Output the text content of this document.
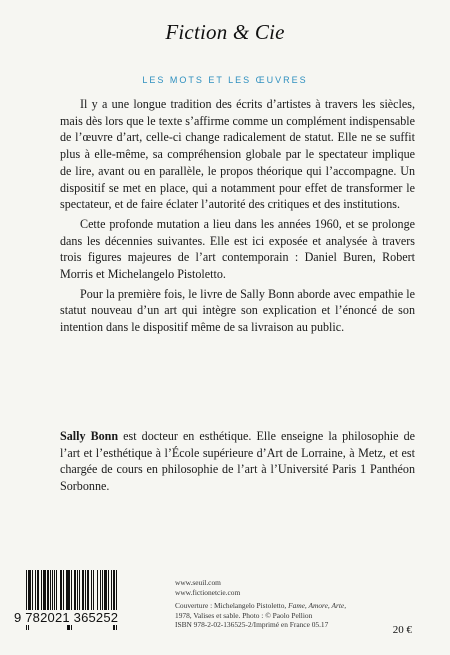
Fiction & Cie
LES MOTS ET LES ŒUVRES

Il y a une longue tradition des écrits d’artistes à travers les siècles, mais dès lors que le texte s’affirme comme un complément indispensable de l’œuvre d’art, celle-ci change radicalement de statut. Elle ne se suffit plus à elle-même, sa compréhension globale par le spectateur implique de lire, avant ou en parallèle, le propos théorique qui l’accompagne. Un dispositif se met en place, qui a notamment pour effet de transformer le spectateur, et de faire éclater l’autorité des critiques et des institutions.

Cette profonde mutation a lieu dans les années 1960, et se prolonge dans les décennies suivantes. Elle est ici exposée et analysée à travers trois figures majeures de l’art contemporain : Daniel Buren, Robert Morris et Michelangelo Pistoletto.

Pour la première fois, le livre de Sally Bonn aborde avec empathie le statut nouveau d’un art qui intègre son explication et l’énoncé de son intention dans le dispositif même de sa livraison au public.

Sally Bonn est docteur en esthétique. Elle enseigne la philosophie de l’art et l’esthétique à l’École supérieure d’Art de Lorraine, à Metz, et est chargée de cours en philosophie de l’art à l’Université Paris 1 Panthéon Sorbonne.
9 782021 365252
www.seuil.com
www.fictionetcie.com
Couverture : Michelangelo Pistoletto, Fame, Amore, Arte,
1978, Valises et sable. Photo : © Paolo Pellion
ISBN 978-2-02-136525-2/Imprimé en France 05.17	20 €
